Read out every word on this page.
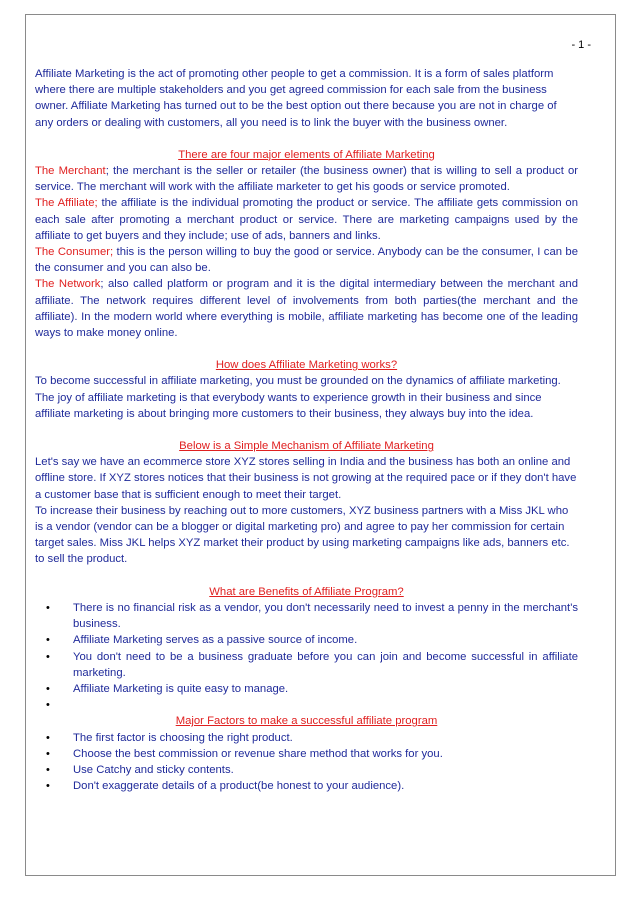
- 1 -

Affiliate Marketing is the act of promoting other people to get a commission. It is a form of sales platform where there are multiple stakeholders and you get agreed commission for each sale from the business owner. Affiliate Marketing has turned out to be the best option out there because you are not in charge of any orders or dealing with customers, all you need is to link the buyer with the business owner.

There are four major elements of Affiliate Marketing

The Merchant; the merchant is the seller or retailer (the business owner) that is willing to sell a product or service. The merchant will work with the affiliate marketer to get his goods or service promoted.

The Affiliate; the affiliate is the individual promoting the product or service. The affiliate gets commission on each sale after promoting a merchant product or service. There are marketing campaigns used by the affiliate to get buyers and they include; use of ads, banners and links.

The Consumer; this is the person willing to buy the good or service. Anybody can be the consumer, I can be the consumer and you can also be.

The Network; also called platform or program and it is the digital intermediary between the merchant and affiliate. The network requires different level of involvements from both parties(the merchant and the affiliate). In the modern world where everything is mobile, affiliate marketing has become one of the leading ways to make money online.

How does Affiliate Marketing works?

To become successful in affiliate marketing, you must be grounded on the dynamics of affiliate marketing. The joy of affiliate marketing is that everybody wants to experience growth in their business and since affiliate marketing is about bringing more customers to their business, they always buy into the idea.

Below is a Simple Mechanism of Affiliate Marketing

Let's say we have an ecommerce store XYZ stores selling in India and the business has both an online and offline store. If XYZ stores notices that their business is not growing at the required pace or if they don't have a customer base that is sufficient enough to meet their target.

To increase their business by reaching out to more customers, XYZ business partners with a Miss JKL who is a vendor (vendor can be a blogger or digital marketing pro) and agree to pay her commission for certain target sales. Miss JKL helps XYZ market their product by using marketing campaigns like ads, banners etc. to sell the product.

What are Benefits of Affiliate Program?

• There is no financial risk as a vendor, you don't necessarily need to invest a penny in the merchant's business.
• Affiliate Marketing serves as a passive source of income.
• You don't need to be a business graduate before you can join and become successful in affiliate marketing.
• Affiliate Marketing is quite easy to manage.
•

Major Factors to make a successful affiliate program

• The first factor is choosing the right product.
• Choose the best commission or revenue share method that works for you.
• Use Catchy and sticky contents.
• Don't exaggerate details of a product(be honest to your audience).
